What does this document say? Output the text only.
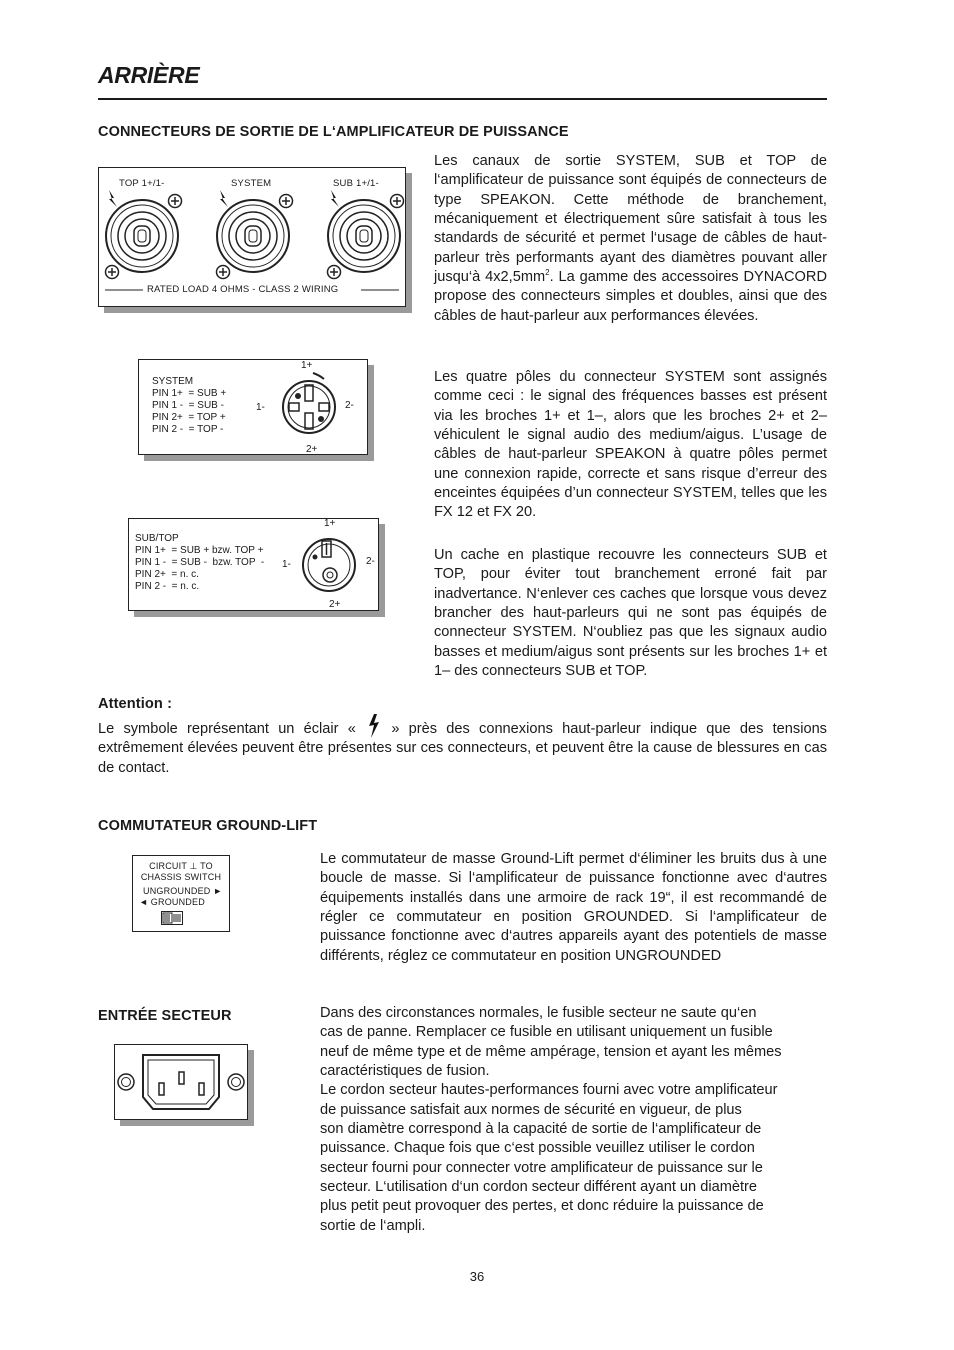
ARRIÈRE
CONNECTEURS DE SORTIE DE L‘AMPLIFICATEUR DE PUISSANCE
TOP 1+/1-	SYSTEM	SUB 1+/1-
RATED LOAD 4 OHMS - CLASS 2 WIRING
SYSTEM
PIN 1+  = SUB +
PIN 1 -  = SUB -
PIN 2+  = TOP +
PIN 2 -  = TOP -
1+
1-	2-
2+
SUB/TOP
PIN 1+  = SUB + bzw. TOP +
PIN 1 -  = SUB -  bzw. TOP  -
PIN 2+  = n. c.
PIN 2 -  = n. c.
1+
1-	2-
2+

Les canaux de sortie SYSTEM, SUB et TOP de l‘amplificateur de puissance sont équipés de connecteurs de type SPEAKON. Cette méthode de branchement, mécaniquement et électriquement sûre satisfait à tous les standards de sécurité et permet l‘usage de câbles de haut-parleur très performants ayant des diamètres pouvant aller jusqu‘à $4x2,5mm^2$. La gamme des accessoires DYNACORD propose des connecteurs simples et doubles, ainsi que des câbles de haut-parleur aux performances élevées.

Les quatre pôles du connecteur SYSTEM sont assignés comme ceci : le signal des fréquences basses est présent via les broches 1+ et 1–, alors que les broches 2+ et 2– véhiculent le signal audio des medium/aigus. L’usage de câbles de haut-parleur SPEAKON à quatre pôles permet une connexion rapide, correcte et sans risque d’erreur des enceintes équipées d’un connecteur SYSTEM, telles que les FX 12 et FX 20.

Un cache en plastique recouvre les connecteurs SUB et TOP, pour éviter tout branchement erroné fait par inadvertance. N‘enlever ces caches que lorsque vous devez brancher des haut-parleurs qui ne sont pas équipés de connecteur SYSTEM. N‘oubliez pas que les signaux audio basses et medium/aigus sont présents sur les broches 1+ et 1– des connecteurs SUB et TOP.

Attention :

Le symbole représentant un éclair «  » près des connexions haut-parleur indique que des tensions extrêmement élevées peuvent être présentes sur ces connecteurs, et peuvent être la cause de blessures en cas de contact.

COMMUTATEUR GROUND-LIFT
CIRCUIT ⊥ TO
CHASSIS SWITCH
UNGROUNDED ►
◄ GROUNDED

Le commutateur de masse Ground-Lift permet d‘éliminer les bruits dus à une boucle de masse. Si l‘amplificateur de puissance fonctionne avec d‘autres équipements installés dans une armoire de rack 19“, il est recommandé de régler ce commutateur en position GROUNDED. Si l‘amplificateur de puissance fonctionne avec d‘autres appareils ayant des potentiels de masse différents, réglez ce commutateur en position UNGROUNDED

ENTRÉE SECTEUR	Dans des circonstances normales, le fusible secteur ne saute qu‘en
cas de panne. Remplacer ce fusible en utilisant uniquement un fusible
neuf de même type et de même ampérage, tension et ayant les mêmes
caractéristiques de fusion.
Le cordon secteur hautes-performances fourni avec votre amplificateur
de puissance satisfait aux normes de sécurité en vigueur, de plus
son diamètre correspond à la capacité de sortie de l‘amplificateur de
puissance. Chaque fois que c‘est possible veuillez utiliser le cordon
secteur fourni pour connecter votre amplificateur de puissance sur le
secteur. L‘utilisation d‘un cordon secteur différent ayant un diamètre
plus petit peut provoquer des pertes, et donc réduire la puissance de
sortie de l‘ampli.
36
